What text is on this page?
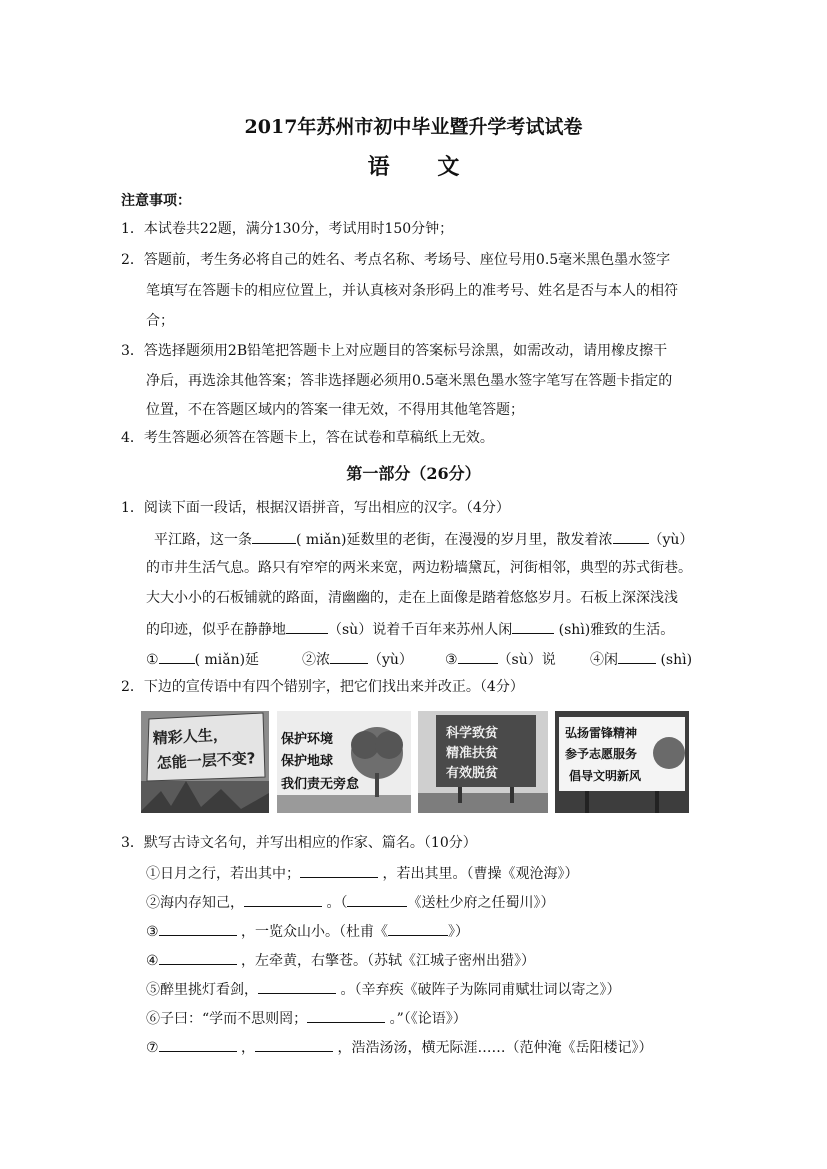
2017年苏州市初中毕业暨升学考试试卷
语 文
注意事项：
1．本试卷共22题，满分130分，考试用时150分钟；
2．答题前，考生务必将自己的姓名、考点名称、考场号、座位号用0.5毫米黑色墨水签字
笔填写在答题卡的相应位置上，并认真核对条形码上的准考号、姓名是否与本人的相符
合；
3．答选择题须用2B铅笔把答题卡上对应题目的答案标号涂黑，如需改动，请用橡皮擦干
净后，再选涂其他答案；答非选择题必须用0.5毫米黑色墨水签字笔写在答题卡指定的
位置，不在答题区域内的答案一律无效，不得用其他笔答题；
4．考生答题必须答在答题卡上，答在试卷和草稿纸上无效。
第一部分（26分）
1．阅读下面一段话，根据汉语拼音，写出相应的汉字。（4分）
平江路，这一条	( miǎn)延数里的老街，在漫漫的岁月里，散发着浓	（yù）
的市井生活气息。路只有窄窄的两米来宽，两边粉墙黛瓦，河街相邻，典型的苏式街巷。
大大小小的石板铺就的路面，清幽幽的，走在上面像是踏着悠悠岁月。石板上深深浅浅
的印迹，似乎在静静地	（sù）说着千百年来苏州人闲	(shì)雅致的生活。
①	( miǎn)延	②浓	（yù） ③	（sù）说 ④闲	(shì)
2．下边的宣传语中有四个错别字，把它们找出来并改正。（4分）
精彩人生，
怎能一层不变?
保护环境
保护地球
我们责无旁怠
科学致贫
精准扶贫
有效脱贫
弘扬雷锋精神
参予志愿服务
倡导文明新风
3．默写古诗文名句，并写出相应的作家、篇名。（10分）
①日月之行，若出其中；	，若出其里。（曹操《观沧海》）
②海内存知己，	。（	《送杜少府之任蜀川》）
③	，一览众山小。（杜甫《	》）
④	，左牵黄，右擎苍。（苏轼《江城子密州出猎》）
⑤醉里挑灯看剑，	。（辛弃疾《破阵子为陈同甫赋壮词以寄之》）
⑥子曰：“学而不思则罔；	。”（《论语》）
⑦	，	，浩浩汤汤，横无际涯……（范仲淹《岳阳楼记》）
